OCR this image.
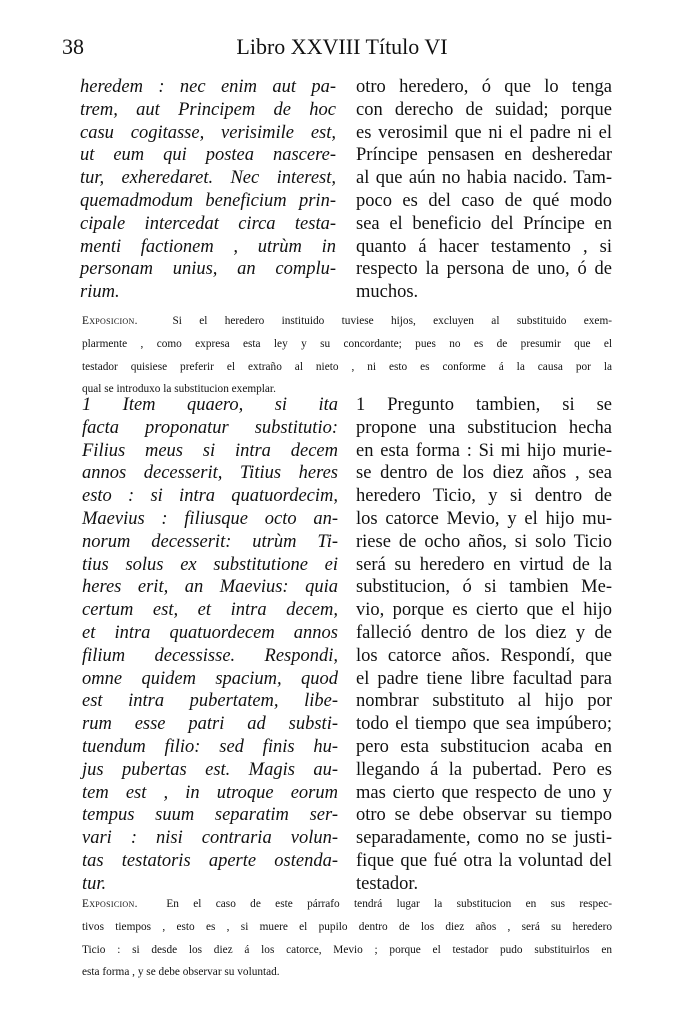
38	Libro XXVIII Título VI
heredem : nec enim aut pa-
trem, aut Principem de hoc
casu cogitasse, verisimile est,
ut eum qui postea nascere-
tur, exheredaret. Nec interest,
quemadmodum beneficium prin-
cipale intercedat circa testa-
menti factionem , utrùm in
personam unius, an complu-
rium.
otro heredero, ó que lo tenga
con derecho de suidad; porque
es verosimil que ni el padre ni el
Príncipe pensasen en desheredar
al que aún no habia nacido. Tam-
poco es del caso de qué modo
sea el beneficio del Príncipe en
quanto á hacer testamento , si
respecto la persona de uno, ó de
muchos.
Exposicion.	Si el heredero instituido tuviese hijos, excluyen al substituido exem-
plarmente , como expresa esta ley y su concordante; pues no es de presumir que el
testador quisiese preferir el extraño al nieto , ni esto es conforme á la causa por la
qual se introduxo la substitucion exemplar.
1 Item quaero, si ita
facta proponatur substitutio:
Filius meus si intra decem
annos decesserit, Titius heres
esto : si intra quatuordecim,
Maevius : filiusque octo an-
norum decesserit: utrùm Ti-
tius solus ex substitutione ei
heres erit, an Maevius: quia
certum est, et intra decem,
et intra quatuordecem annos
filium decessisse. Respondi,
omne quidem spacium, quod
est intra pubertatem, libe-
rum esse patri ad substi-
tuendum filio: sed finis hu-
jus pubertas est. Magis au-
tem est , in utroque eorum
tempus suum separatim ser-
vari : nisi contraria volun-
tas testatoris aperte ostenda-
tur.
1 Pregunto tambien, si se
propone una substitucion hecha
en esta forma : Si mi hijo murie-
se dentro de los diez años , sea
heredero Ticio, y si dentro de
los catorce Mevio, y el hijo mu-
riese de ocho años, si solo Ticio
será su heredero en virtud de la
substitucion, ó si tambien Me-
vio, porque es cierto que el hijo
falleció dentro de los diez y de
los catorce años. Respondí, que
el padre tiene libre facultad para
nombrar substituto al hijo por
todo el tiempo que sea impúbero;
pero esta substitucion acaba en
llegando á la pubertad. Pero es
mas cierto que respecto de uno y
otro se debe observar su tiempo
separadamente, como no se justi-
fique que fué otra la voluntad del
testador.
Exposicion.	En el caso de este párrafo tendrá lugar la substitucion en sus respec-
tivos tiempos , esto es , si muere el pupilo dentro de los diez años , será su heredero
Ticio : si desde los diez á los catorce, Mevio ; porque el testador pudo substituirlos en
esta forma , y se debe observar su voluntad.
